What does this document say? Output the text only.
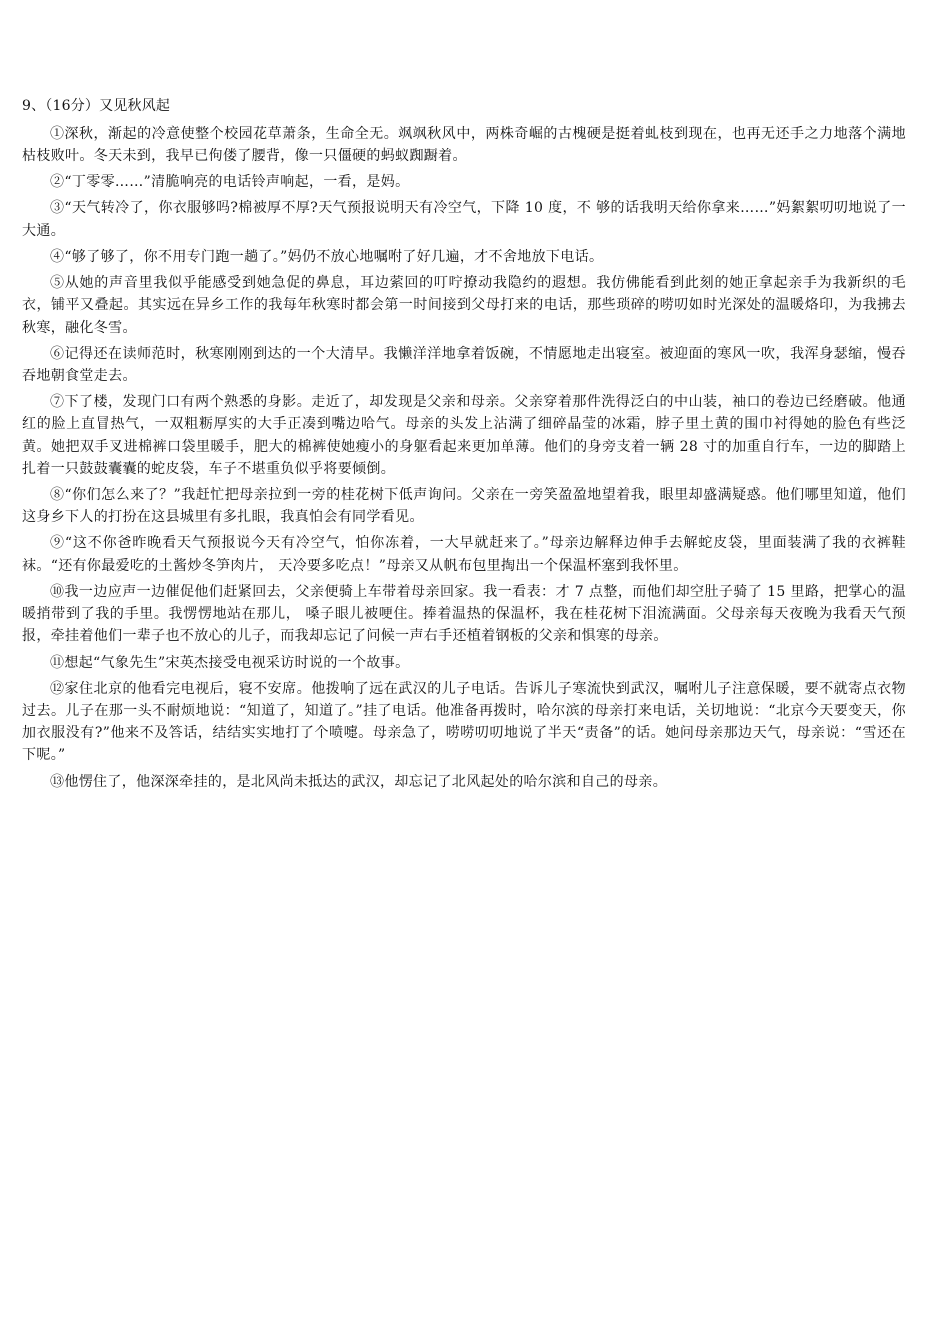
9、（16分）又见秋风起

①深秋，渐起的冷意使整个校园花草萧条，生命全无。飒飒秋风中，两株奇崛的古槐硬是挺着虬枝到现在，也再无还手之力地落个满地枯枝败叶。冬天未到，我早已佝偻了腰背，像一只僵硬的蚂蚁踟蹰着。

②“丁零零……”清脆响亮的电话铃声响起，一看，是妈。

③“天气转冷了，你衣服够吗?棉被厚不厚?天气预报说明天有冷空气，下降 10 度，不 够的话我明天给你拿来……”妈絮絮叨叨地说了一大通。

④“够了够了，你不用专门跑一趟了。”妈仍不放心地嘱咐了好几遍，才不舍地放下电话。

⑤从她的声音里我似乎能感受到她急促的鼻息，耳边萦回的叮咛撩动我隐约的遐想。我仿佛能看到此刻的她正拿起亲手为我新织的毛衣，铺平又叠起。其实远在异乡工作的我每年秋寒时都会第一时间接到父母打来的电话，那些琐碎的唠叨如时光深处的温暖烙印，为我拂去秋寒，融化冬雪。

⑥记得还在读师范时，秋寒刚刚到达的一个大清早。我懒洋洋地拿着饭碗，不情愿地走出寝室。被迎面的寒风一吹，我浑身瑟缩，慢吞吞地朝食堂走去。

⑦下了楼，发现门口有两个熟悉的身影。走近了，却发现是父亲和母亲。父亲穿着那件洗得泛白的中山装，袖口的卷边已经磨破。他通红的脸上直冒热气，一双粗粝厚实的大手正凑到嘴边哈气。母亲的头发上沾满了细碎晶莹的冰霜，脖子里土黄的围巾衬得她的脸色有些泛黄。她把双手叉进棉裤口袋里暖手，肥大的棉裤使她瘦小的身躯看起来更加单薄。他们的身旁支着一辆 28 寸的加重自行车，一边的脚踏上扎着一只鼓鼓囊囊的蛇皮袋，车子不堪重负似乎将要倾倒。

⑧“你们怎么来了？”我赶忙把母亲拉到一旁的桂花树下低声询问。父亲在一旁笑盈盈地望着我，眼里却盛满疑惑。他们哪里知道，他们这身乡下人的打扮在这县城里有多扎眼，我真怕会有同学看见。

⑨“这不你爸昨晚看天气预报说今天有冷空气，怕你冻着，一大早就赶来了。”母亲边解释边伸手去解蛇皮袋，里面装满了我的衣裤鞋袜。“还有你最爱吃的土酱炒冬笋肉片， 天冷要多吃点！”母亲又从帆布包里掏出一个保温杯塞到我怀里。

⑩我一边应声一边催促他们赶紧回去，父亲便骑上车带着母亲回家。我一看表：才 7 点整，而他们却空肚子骑了 15 里路，把掌心的温暖捎带到了我的手里。我愣愣地站在那儿， 嗓子眼儿被哽住。捧着温热的保温杯，我在桂花树下泪流满面。父母亲每天夜晚为我看天气预报，牵挂着他们一辈子也不放心的儿子，而我却忘记了问候一声右手还植着钢板的父亲和惧寒的母亲。

⑪想起“气象先生”宋英杰接受电视采访时说的一个故事。

⑫家住北京的他看完电视后，寝不安席。他拨响了远在武汉的儿子电话。告诉儿子寒流快到武汉，嘱咐儿子注意保暖，要不就寄点衣物过去。儿子在那一头不耐烦地说：“知道了，知道了。”挂了电话。他准备再拨时，哈尔滨的母亲打来电话，关切地说：“北京今天要变天，你加衣服没有?”他来不及答话，结结实实地打了个喷嚏。母亲急了，唠唠叨叨地说了半天“责备”的话。她问母亲那边天气，母亲说：“雪还在下呢。”

⑬他愣住了，他深深牵挂的，是北风尚未抵达的武汉，却忘记了北风起处的哈尔滨和自己的母亲。
